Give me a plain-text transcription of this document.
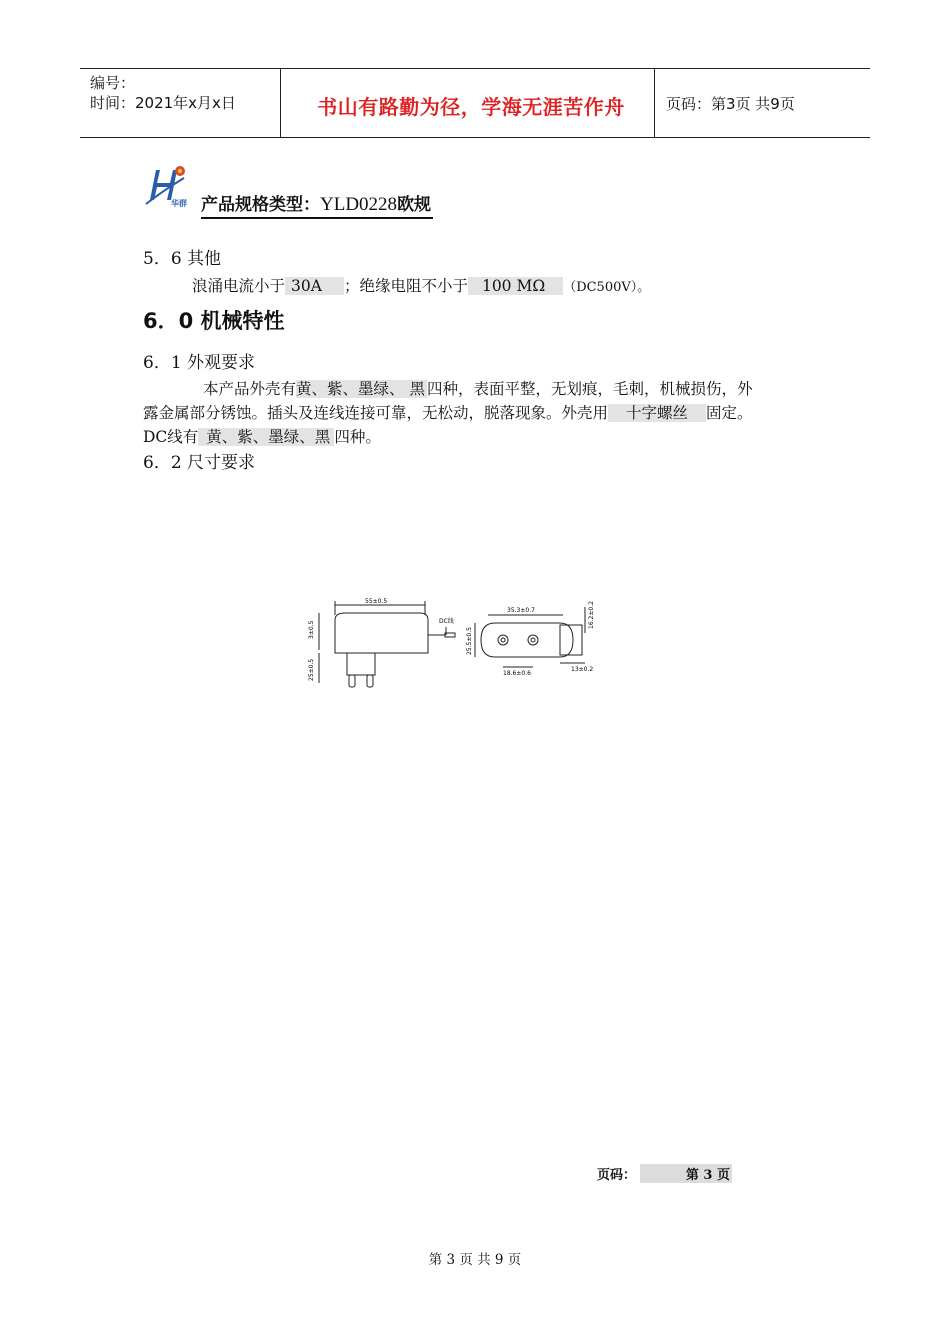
编号：
时间：2021年x月x日	书山有路勤为径，学海无涯苦作舟	页码：第3页 共9页
华群 产品规格类型：YLD0228欧规
5．6 其他
浪涌电流小于 30A ；绝缘电阻不小于 100 MΩ （DC500V）。
6．0 机械特性
6．1 外观要求
本产品外壳有黄、紫、墨绿、 黑 四种，表面平整，无划痕，毛刺，机械损伤，外
露金属部分锈蚀。插头及连线连接可靠，无松动，脱落现象。外壳用 十字螺丝 固定。
DC线有 黄、紫、墨绿、黑 四种。
6．2 尺寸要求
55±0.5
3±0.5
25±0.5
DC线
35.3±0.7
25.5±0.5
18.6±0.6
16.2±0.2
13±0.2
页码：	第 3 页
第 3 页 共 9 页
